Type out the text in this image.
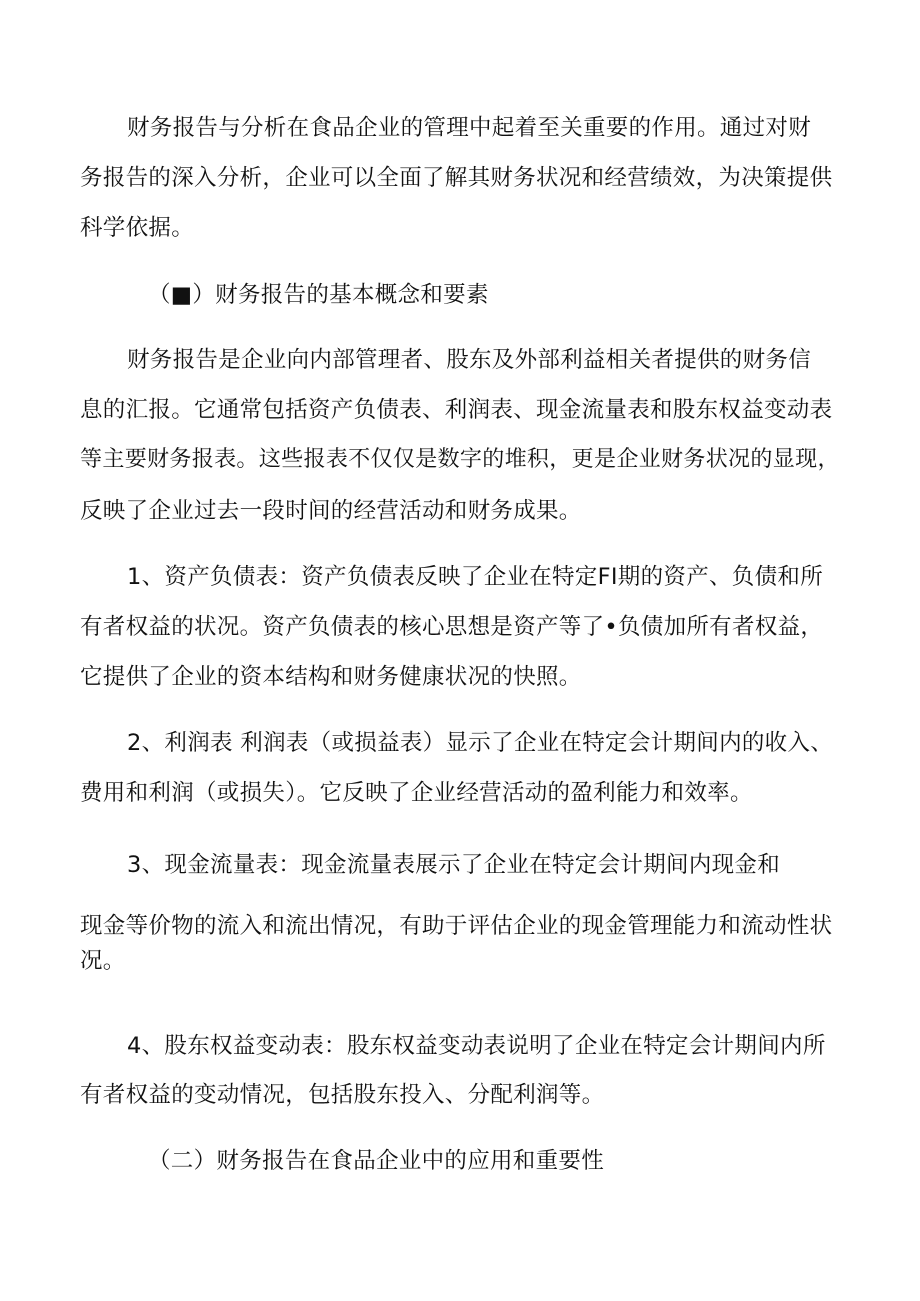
财务报告与分析在食品企业的管理中起着至关重要的作用。通过对财
务报告的深入分析，企业可以全面了解其财务状况和经营绩效，为决策提供
科学依据。
（■）财务报告的基本概念和要素
财务报告是企业向内部管理者、股东及外部利益相关者提供的财务信
息的汇报。它通常包括资产负债表、利润表、现金流量表和股东权益变动表
等主要财务报表。这些报表不仅仅是数字的堆积，更是企业财务状况的显现，
反映了企业过去一段时间的经营活动和财务成果。
1、资产负债表：资产负债表反映了企业在特定FI期的资产、负债和所
有者权益的状况。资产负债表的核心思想是资产等了•负债加所有者权益，
它提供了企业的资本结构和财务健康状况的快照。
2、利润表 利润表（或损益表）显示了企业在特定会计期间内的收入、
费用和利润（或损失）。它反映了企业经营活动的盈利能力和效率。
3、现金流量表：现金流量表展示了企业在特定会计期间内现金和
现金等价物的流入和流出情况，有助于评估企业的现金管理能力和流动性状
况。
4、股东权益变动表：股东权益变动表说明了企业在特定会计期间内所
有者权益的变动情况，包括股东投入、分配利润等。
（二）财务报告在食品企业中的应用和重要性
